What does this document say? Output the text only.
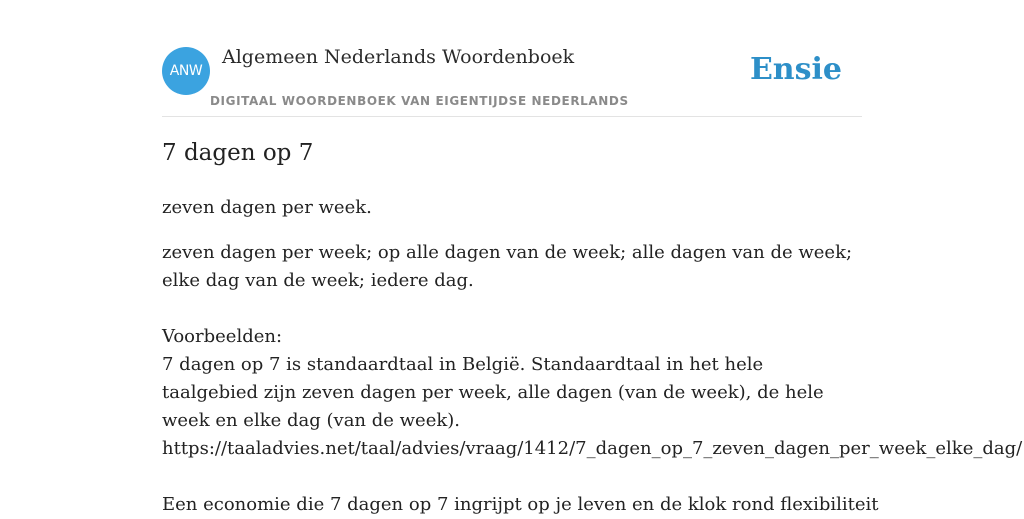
ANW
Algemeen Nederlands Woordenboek
DIGITAAL WOORDENBOEK VAN EIGENTIJDSE NEDERLANDS
Ensie
7 dagen op 7
zeven dagen per week.
zeven dagen per week; op alle dagen van de week; alle dagen van de week; elke dag van de week; iedere dag.

Voorbeelden:
7 dagen op 7 is standaardtaal in België. Standaardtaal in het hele taalgebied zijn zeven dagen per week, alle dagen (van de week), de hele week en elke dag (van de week).
https://taaladvies.net/taal/advies/vraag/1412/7_dagen_op_7_zeven_dagen_per_week_elke_dag/
Een economie die 7 dagen op 7 ingrijpt op je leven en de klok rond flexibiliteit
